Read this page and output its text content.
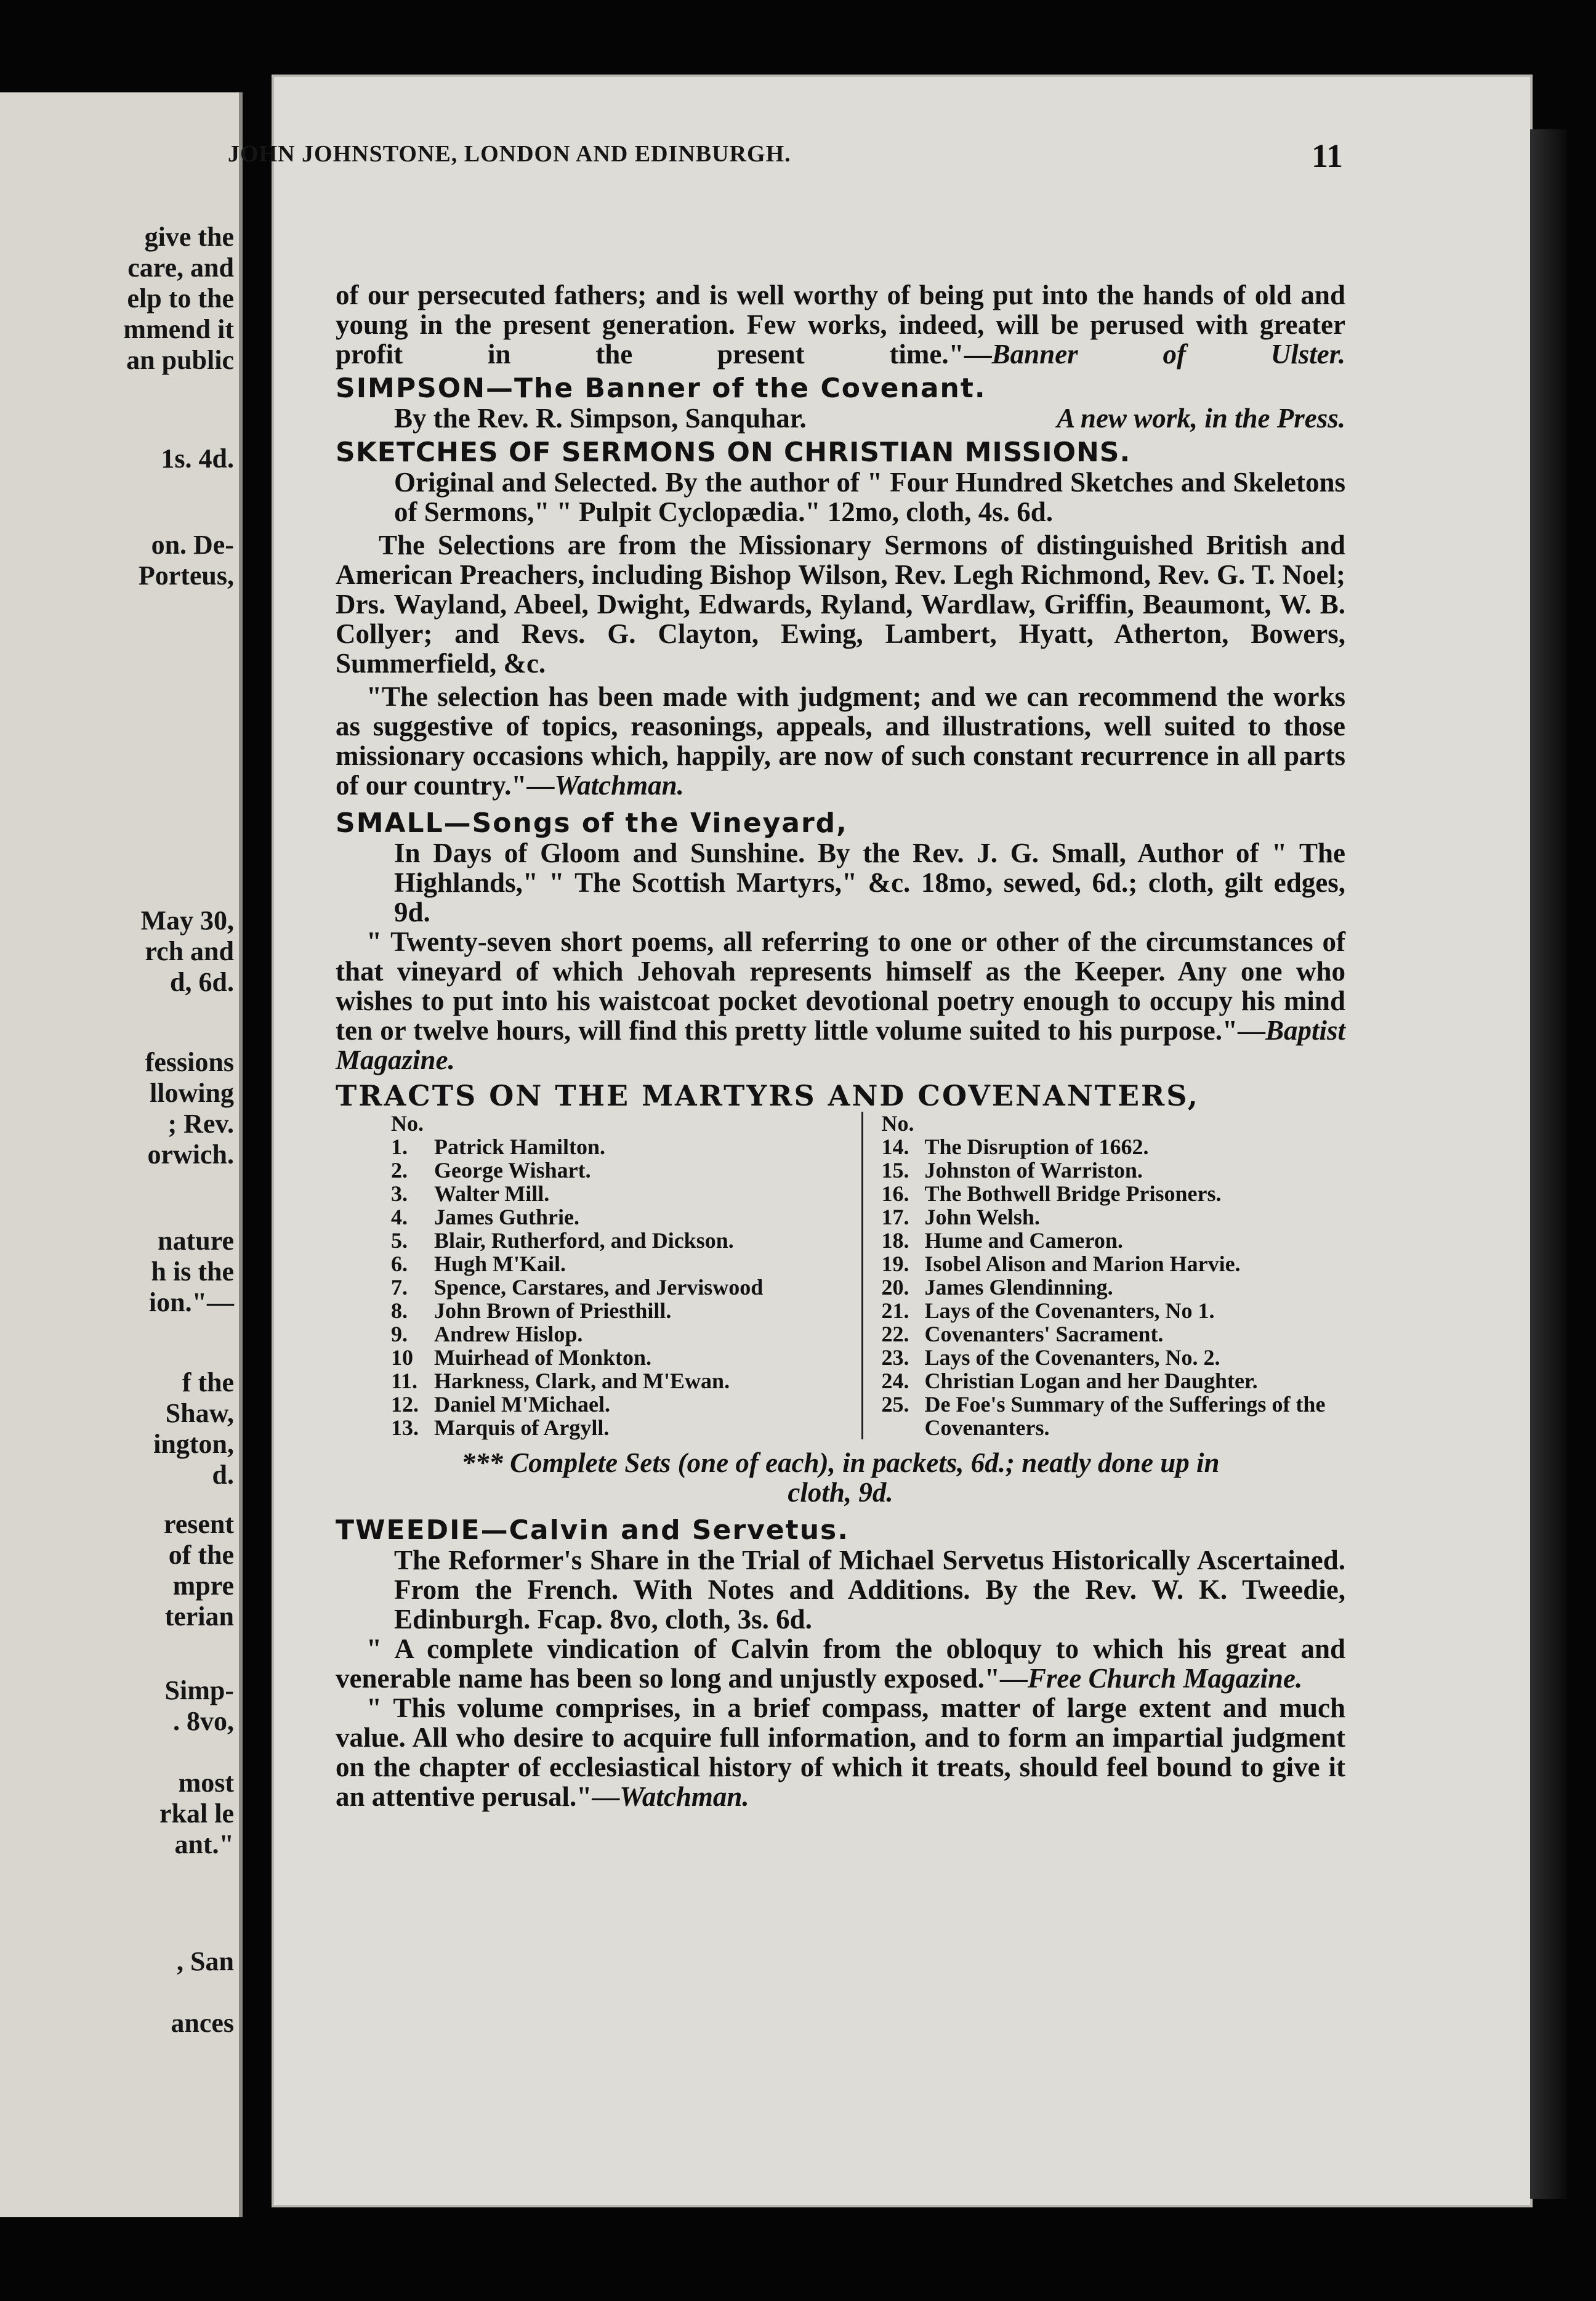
give the
care, and
elp to the
mmend it
an public
1s. 4d.
on. De-
Porteus,
May 30,
rch and
d, 6d.
fessions
llowing
; Rev.
orwich.
nature
h is the
ion."—
f the
Shaw,
ington,
d.
resent
of the
mpre
terian
Simp-
. 8vo,
most
rkal le
ant."
, San
ances
JOHN JOHNSTONE, LONDON AND EDINBURGH.	11

of our persecuted fathers; and is well worthy of being put into the hands of old and young in the present generation. Few works, indeed, will be perused with greater profit in the present time."—Banner of Ulster.

SIMPSON—The Banner of the Covenant.

By the Rev. R. Simpson, Sanquhar.	A new work, in the Press.

SKETCHES OF SERMONS ON CHRISTIAN MISSIONS.

Original and Selected. By the author of " Four Hundred Sketches and Skeletons of Sermons," " Pulpit Cyclopædia." 12mo, cloth, 4s. 6d.

The Selections are from the Missionary Sermons of distinguished British and American Preachers, including Bishop Wilson, Rev. Legh Richmond, Rev. G. T. Noel; Drs. Wayland, Abeel, Dwight, Edwards, Ryland, Wardlaw, Griffin, Beaumont, W. B. Collyer; and Revs. G. Clayton, Ewing, Lambert, Hyatt, Atherton, Bowers, Summerfield, &c.

"The selection has been made with judgment; and we can recommend the works as suggestive of topics, reasonings, appeals, and illustrations, well suited to those missionary occasions which, happily, are now of such constant recurrence in all parts of our country."—Watchman.

SMALL—Songs of the Vineyard,

In Days of Gloom and Sunshine. By the Rev. J. G. Small, Author of " The Highlands," " The Scottish Martyrs," &c. 18mo, sewed, 6d.; cloth, gilt edges, 9d.

" Twenty-seven short poems, all referring to one or other of the circumstances of that vineyard of which Jehovah represents himself as the Keeper. Any one who wishes to put into his waistcoat pocket devotional poetry enough to occupy his mind ten or twelve hours, will find this pretty little volume suited to his purpose."—Baptist Magazine.

TRACTS ON THE MARTYRS AND COVENANTERS,
No.
1.	Patrick Hamilton.
2.	George Wishart.
3.	Walter Mill.
4.	James Guthrie.
5.	Blair, Rutherford, and Dickson.
6.	Hugh M'Kail.
7.	Spence, Carstares, and Jerviswood
8.	John Brown of Priesthill.
9.	Andrew Hislop.
10 Muirhead of Monkton.
11. Harkness, Clark, and M'Ewan.
12. Daniel M'Michael.
13. Marquis of Argyll.
No.
14. The Disruption of 1662.
15. Johnston of Warriston.
16. The Bothwell Bridge Prisoners.
17. John Welsh.
18. Hume and Cameron.
19. Isobel Alison and Marion Harvie.
20. James Glendinning.
21. Lays of the Covenanters, No 1.
22. Covenanters' Sacrament.
23. Lays of the Covenanters, No. 2.
24. Christian Logan and her Daughter.
25. De Foe's Summary of the Sufferings of the Covenanters.

*** Complete Sets (one of each), in packets, 6d.; neatly done up in

cloth, 9d.

TWEEDIE—Calvin and Servetus.

The Reformer's Share in the Trial of Michael Servetus Historically Ascertained. From the French. With Notes and Additions. By the Rev. W. K. Tweedie, Edinburgh. Fcap. 8vo, cloth, 3s. 6d.

" A complete vindication of Calvin from the obloquy to which his great and venerable name has been so long and unjustly exposed."—Free Church Magazine.

" This volume comprises, in a brief compass, matter of large extent and much value. All who desire to acquire full information, and to form an impartial judgment on the chapter of ecclesiastical history of which it treats, should feel bound to give it an attentive perusal."—Watchman.
